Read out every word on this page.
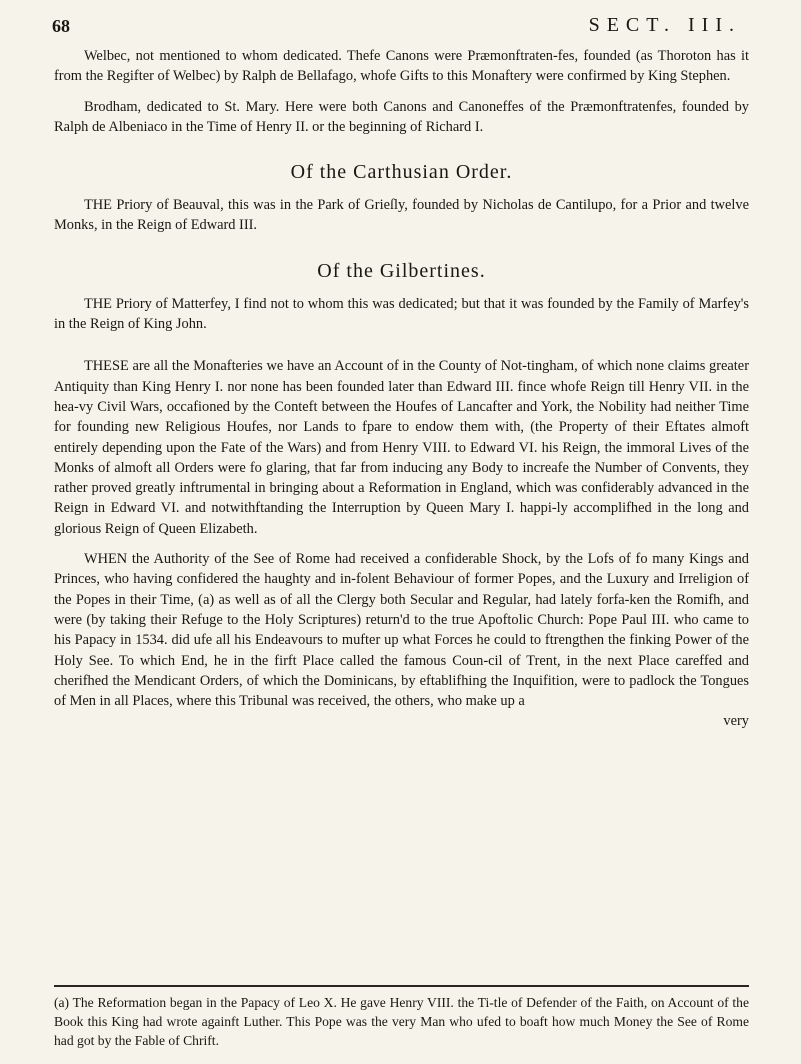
68	SECT. III.

Welbec, not mentioned to whom dedicated. Thefe Canons were Præmonftraten-fes, founded (as Thoroton has it from the Regifter of Welbec) by Ralph de Bellafago, whofe Gifts to this Monaftery were confirmed by King Stephen.

Brodham, dedicated to St. Mary. Here were both Canons and Canoneffes of the Præmonftratenfes, founded by Ralph de Albeniaco in the Time of Henry II. or the beginning of Richard I.

Of the Carthusian Order.

THE Priory of Beauval, this was in the Park of Grieſly, founded by Nicholas de Cantilupo, for a Prior and twelve Monks, in the Reign of Edward III.

Of the Gilbertines.

THE Priory of Matterfey, I find not to whom this was dedicated; but that it was founded by the Family of Marfey's in the Reign of King John.

THESE are all the Monafteries we have an Account of in the County of Not-tingham, of which none claims greater Antiquity than King Henry I. nor none has been founded later than Edward III. fince whofe Reign till Henry VII. in the hea-vy Civil Wars, occafioned by the Conteft between the Houfes of Lancafter and York, the Nobility had neither Time for founding new Religious Houfes, nor Lands to fpare to endow them with, (the Property of their Eftates almoft entirely depending upon the Fate of the Wars) and from Henry VIII. to Edward VI. his Reign, the immoral Lives of the Monks of almoft all Orders were fo glaring, that far from inducing any Body to increafe the Number of Convents, they rather proved greatly inftrumental in bringing about a Reformation in England, which was confiderably advanced in the Reign in Edward VI. and notwithftanding the Interruption by Queen Mary I. happi-ly accomplifhed in the long and glorious Reign of Queen Elizabeth.

WHEN the Authority of the See of Rome had received a confiderable Shock, by the Lofs of fo many Kings and Princes, who having confidered the haughty and in-folent Behaviour of former Popes, and the Luxury and Irreligion of the Popes in their Time, (a) as well as of all the Clergy both Secular and Regular, had lately forfa-ken the Romifh, and were (by taking their Refuge to the Holy Scriptures) return'd to the true Apoftolic Church: Pope Paul III. who came to his Papacy in 1534. did ufe all his Endeavours to mufter up what Forces he could to ftrengthen the finking Power of the Holy See. To which End, he in the firft Place called the famous Coun-cil of Trent, in the next Place careffed and cherifhed the Mendicant Orders, of which the Dominicans, by eftablifhing the Inquifition, were to padlock the Tongues of Men in all Places, where this Tribunal was received, the others, who make up a

very

(a) The Reformation began in the Papacy of Leo X. He gave Henry VIII. the Ti-tle of Defender of the Faith, on Account of the Book this King had wrote againft Luther. This Pope was the very Man who ufed to boaft how much Money the See of Rome had got by the Fable of Chrift.
